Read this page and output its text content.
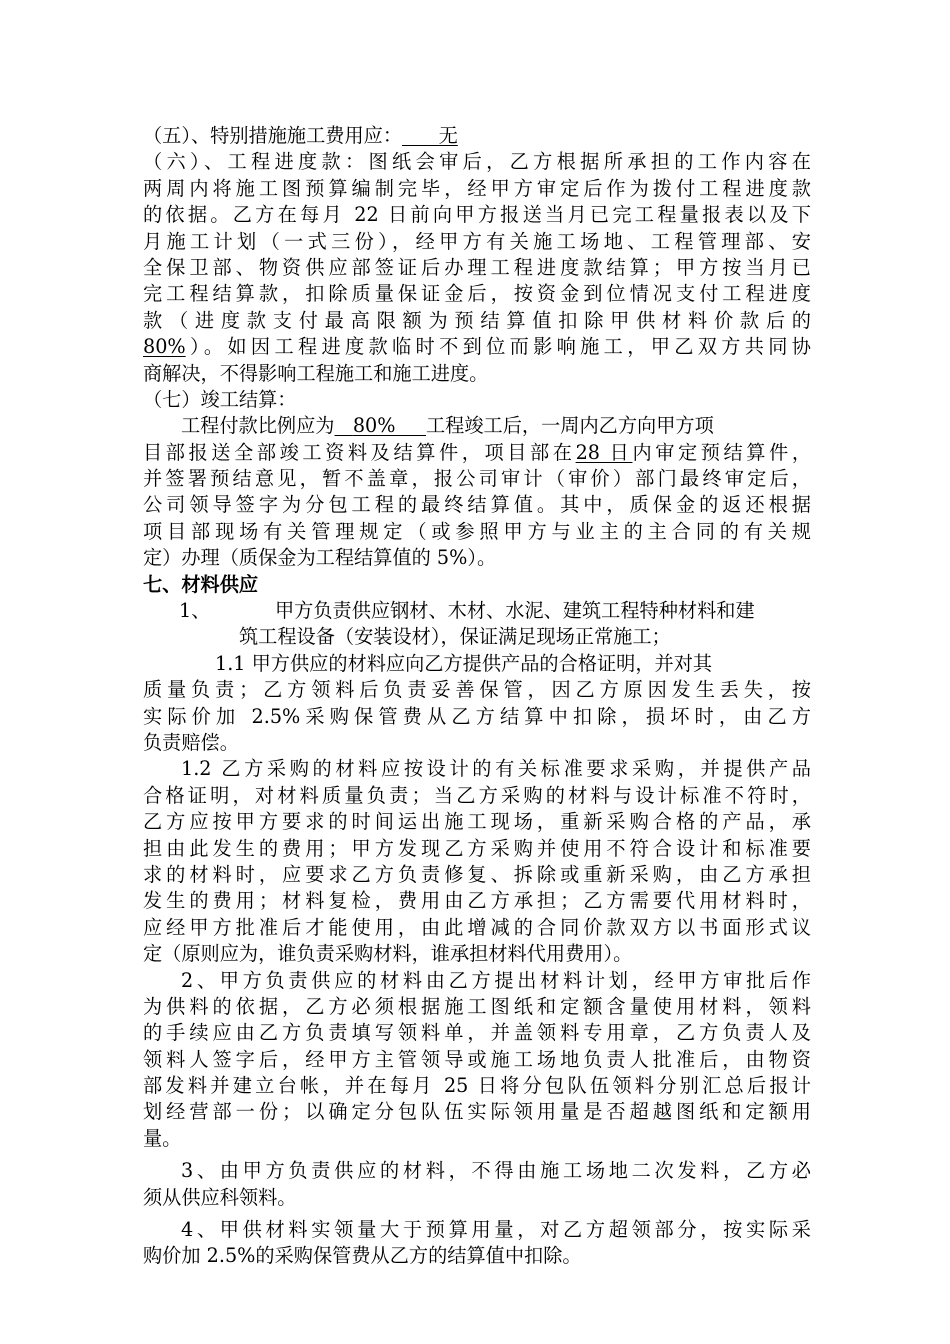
（五）、特别措施施工费用应： 无
（六）、工程进度款：图纸会审后，乙方根据所承担的工作内容在
两周内将施工图预算编制完毕，经甲方审定后作为拨付工程进度款
的依据。乙方在每月 22 日前向甲方报送当月已完工程量报表以及下
月施工计划（一式三份），经甲方有关施工场地、工程管理部、安
全保卫部、物资供应部签证后办理工程进度款结算；甲方按当月已
完工程结算款，扣除质量保证金后，按资金到位情况支付工程进度
款（进度款支付最高限额为预结算值扣除甲供材料价款后的
80%）。如因工程进度款临时不到位而影响施工，甲乙双方共同协
商解决，不得影响工程施工和施工进度。
（七）竣工结算：
工程付款比例应为 80% 工程竣工后，一周内乙方向甲方项
目部报送全部竣工资料及结算件，项目部在28 日内审定预结算件，
并签署预结意见，暂不盖章，报公司审计（审价）部门最终审定后，
公司领导签字为分包工程的最终结算值。其中，质保金的返还根据
项目部现场有关管理规定（或参照甲方与业主的主合同的有关规
定）办理（质保金为工程结算值的 5%）。
七、材料供应
1、	甲方负责供应钢材、木材、水泥、建筑工程特种材料和建
筑工程设备（安装设材），保证满足现场正常施工；
1.1 甲方供应的材料应向乙方提供产品的合格证明，并对其
质量负责；乙方领料后负责妥善保管，因乙方原因发生丢失，按
实际价加 2.5%采购保管费从乙方结算中扣除，损坏时，由乙方
负责赔偿。
1.2 乙方采购的材料应按设计的有关标准要求采购，并提供产品
合格证明，对材料质量负责；当乙方采购的材料与设计标准不符时，
乙方应按甲方要求的时间运出施工现场，重新采购合格的产品，承
担由此发生的费用；甲方发现乙方采购并使用不符合设计和标准要
求的材料时，应要求乙方负责修复、拆除或重新采购，由乙方承担
发生的费用；材料复检，费用由乙方承担；乙方需要代用材料时，
应经甲方批准后才能使用，由此增减的合同价款双方以书面形式议
定（原则应为，谁负责采购材料，谁承担材料代用费用）。
2、甲方负责供应的材料由乙方提出材料计划，经甲方审批后作
为供料的依据，乙方必须根据施工图纸和定额含量使用材料，领料
的手续应由乙方负责填写领料单，并盖领料专用章，乙方负责人及
领料人签字后，经甲方主管领导或施工场地负责人批准后，由物资
部发料并建立台帐，并在每月 25 日将分包队伍领料分别汇总后报计
划经营部一份；以确定分包队伍实际领用量是否超越图纸和定额用
量。
3、由甲方负责供应的材料，不得由施工场地二次发料，乙方必
须从供应科领料。
4、甲供材料实领量大于预算用量，对乙方超领部分，按实际采
购价加 2.5%的采购保管费从乙方的结算值中扣除。
